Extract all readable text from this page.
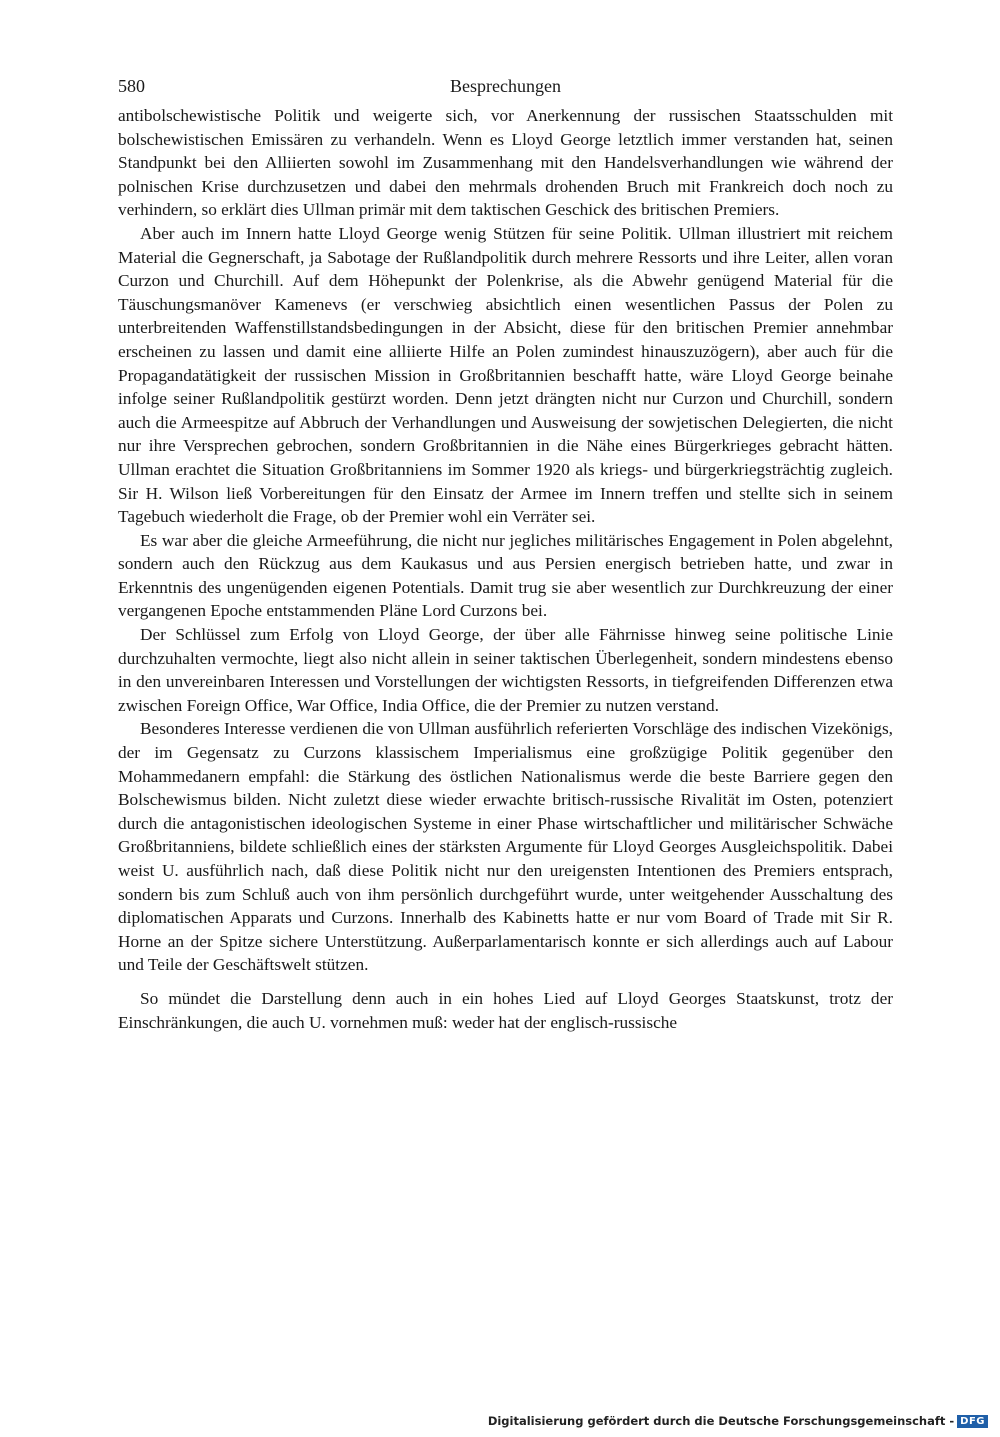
580	Besprechungen

antibolschewistische Politik und weigerte sich, vor Anerkennung der russischen Staatsschulden mit bolschewistischen Emissären zu verhandeln. Wenn es Lloyd George letztlich immer verstanden hat, seinen Standpunkt bei den Alliierten sowohl im Zusammenhang mit den Handelsverhandlungen wie während der polnischen Krise durchzusetzen und dabei den mehrmals drohenden Bruch mit Frankreich doch noch zu verhindern, so erklärt dies Ullman primär mit dem taktischen Geschick des britischen Premiers.

Aber auch im Innern hatte Lloyd George wenig Stützen für seine Politik. Ullman illustriert mit reichem Material die Gegnerschaft, ja Sabotage der Rußlandpolitik durch mehrere Ressorts und ihre Leiter, allen voran Curzon und Churchill. Auf dem Höhepunkt der Polenkrise, als die Abwehr genügend Material für die Täuschungsmanöver Kamenevs (er verschwieg absichtlich einen wesentlichen Passus der Polen zu unterbreitenden Waffenstillstandsbedingungen in der Absicht, diese für den britischen Premier annehmbar erscheinen zu lassen und damit eine alliierte Hilfe an Polen zumindest hinauszuzögern), aber auch für die Propagandatätigkeit der russischen Mission in Großbritannien beschafft hatte, wäre Lloyd George beinahe infolge seiner Rußlandpolitik gestürzt worden. Denn jetzt drängten nicht nur Curzon und Churchill, sondern auch die Armeespitze auf Abbruch der Verhandlungen und Ausweisung der sowjetischen Delegierten, die nicht nur ihre Versprechen gebrochen, sondern Großbritannien in die Nähe eines Bürgerkrieges gebracht hätten. Ullman erachtet die Situation Großbritanniens im Sommer 1920 als kriegs- und bürgerkriegsträchtig zugleich. Sir H. Wilson ließ Vorbereitungen für den Einsatz der Armee im Innern treffen und stellte sich in seinem Tagebuch wiederholt die Frage, ob der Premier wohl ein Verräter sei.

Es war aber die gleiche Armeeführung, die nicht nur jegliches militärisches Engagement in Polen abgelehnt, sondern auch den Rückzug aus dem Kaukasus und aus Persien energisch betrieben hatte, und zwar in Erkenntnis des ungenügenden eigenen Potentials. Damit trug sie aber wesentlich zur Durchkreuzung der einer vergangenen Epoche entstammenden Pläne Lord Curzons bei.

Der Schlüssel zum Erfolg von Lloyd George, der über alle Fährnisse hinweg seine politische Linie durchzuhalten vermochte, liegt also nicht allein in seiner taktischen Überlegenheit, sondern mindestens ebenso in den unvereinbaren Interessen und Vorstellungen der wichtigsten Ressorts, in tiefgreifenden Differenzen etwa zwischen Foreign Office, War Office, India Office, die der Premier zu nutzen verstand.

Besonderes Interesse verdienen die von Ullman ausführlich referierten Vorschläge des indischen Vizekönigs, der im Gegensatz zu Curzons klassischem Imperialismus eine großzügige Politik gegenüber den Mohammedanern empfahl: die Stärkung des östlichen Nationalismus werde die beste Barriere gegen den Bolschewismus bilden. Nicht zuletzt diese wieder erwachte britisch-russische Rivalität im Osten, potenziert durch die antagonistischen ideologischen Systeme in einer Phase wirtschaftlicher und militärischer Schwäche Großbritanniens, bildete schließlich eines der stärksten Argumente für Lloyd Georges Ausgleichspolitik. Dabei weist U. ausführlich nach, daß diese Politik nicht nur den ureigensten Intentionen des Premiers entsprach, sondern bis zum Schluß auch von ihm persönlich durchgeführt wurde, unter weitgehender Ausschaltung des diplomatischen Apparats und Curzons. Innerhalb des Kabinetts hatte er nur vom Board of Trade mit Sir R. Horne an der Spitze sichere Unterstützung. Außerparlamentarisch konnte er sich allerdings auch auf Labour und Teile der Geschäftswelt stützen.

So mündet die Darstellung denn auch in ein hohes Lied auf Lloyd Georges Staatskunst, trotz der Einschränkungen, die auch U. vornehmen muß: weder hat der englisch-russische

Digitalisierung gefördert durch die Deutsche Forschungsgemeinschaft - DFG
